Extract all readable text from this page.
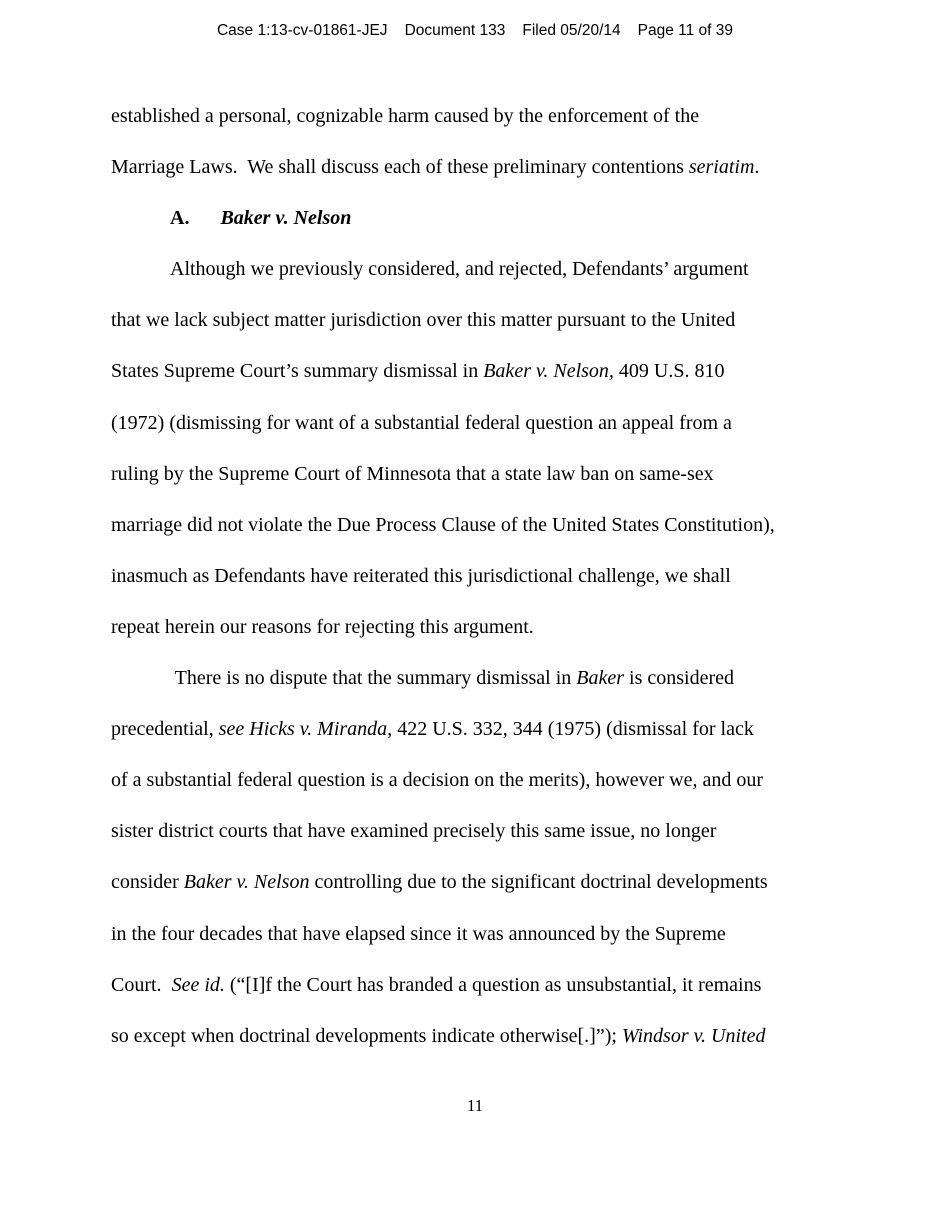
Case 1:13-cv-01861-JEJ Document 133 Filed 05/20/14 Page 11 of 39
established a personal, cognizable harm caused by the enforcement of the
Marriage Laws.  We shall discuss each of these preliminary contentions seriatim.
A. Baker v. Nelson
Although we previously considered, and rejected, Defendants’ argument
that we lack subject matter jurisdiction over this matter pursuant to the United
States Supreme Court’s summary dismissal in Baker v. Nelson, 409 U.S. 810
(1972) (dismissing for want of a substantial federal question an appeal from a
ruling by the Supreme Court of Minnesota that a state law ban on same-sex
marriage did not violate the Due Process Clause of the United States Constitution),
inasmuch as Defendants have reiterated this jurisdictional challenge, we shall
repeat herein our reasons for rejecting this argument.
There is no dispute that the summary dismissal in Baker is considered
precedential, see Hicks v. Miranda, 422 U.S. 332, 344 (1975) (dismissal for lack
of a substantial federal question is a decision on the merits), however we, and our
sister district courts that have examined precisely this same issue, no longer
consider Baker v. Nelson controlling due to the significant doctrinal developments
in the four decades that have elapsed since it was announced by the Supreme
Court.  See id. (“[I]f the Court has branded a question as unsubstantial, it remains
so except when doctrinal developments indicate otherwise[.]”); Windsor v. United
11
